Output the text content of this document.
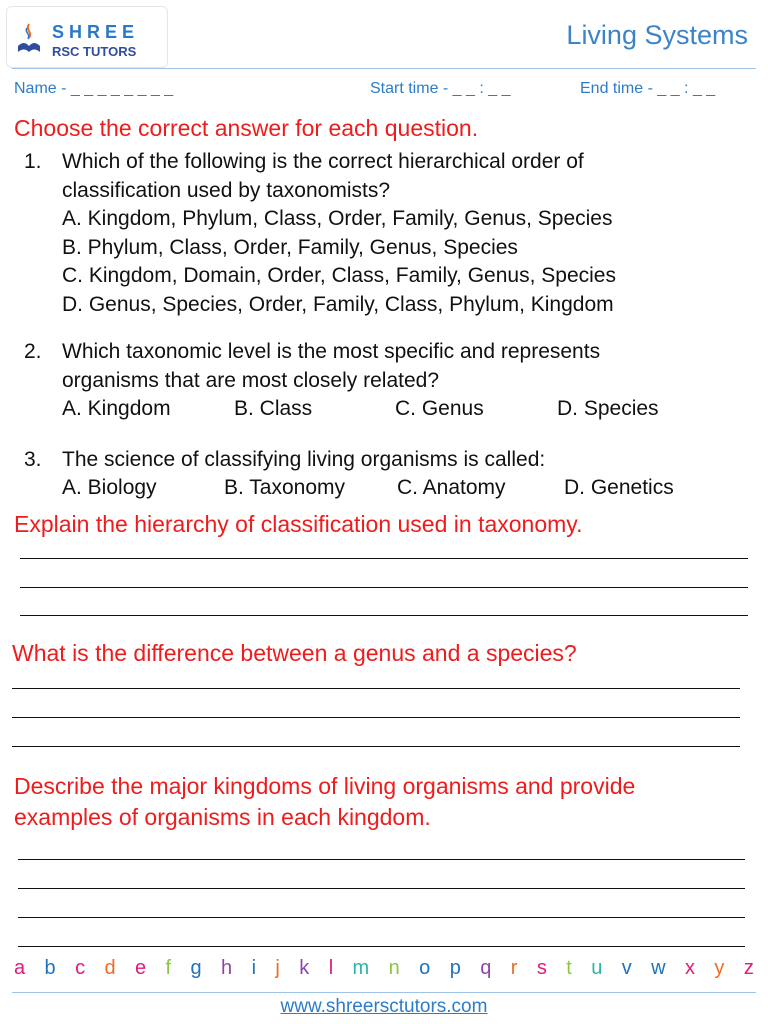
SHREE
RSC TUTORS
Living Systems
Name - _ _ _ _ _ _ _ _	Start time - _ _ : _ _	End time - _ _ : _ _
Choose the correct answer for each question.
1. Which of the following is the correct hierarchical order of
classification used by taxonomists?
A. Kingdom, Phylum, Class, Order, Family, Genus, Species
B. Phylum, Class, Order, Family, Genus, Species
C. Kingdom, Domain, Order, Class, Family, Genus, Species
D. Genus, Species, Order, Family, Class, Phylum, Kingdom
2. Which taxonomic level is the most specific and represents
organisms that are most closely related?
A. Kingdom	B. Class	C. Genus	D. Species
3. The science of classifying living organisms is called:
A. Biology	B. Taxonomy C. Anatomy	D. Genetics
Explain the hierarchy of classification used in taxonomy.
What is the difference between a genus and a species?
Describe the major kingdoms of living organisms and provide
examples of organisms in each kingdom.
a b c d e f g h i j k l m n o p q r s t u v w x y z
www.shreersctutors.com
